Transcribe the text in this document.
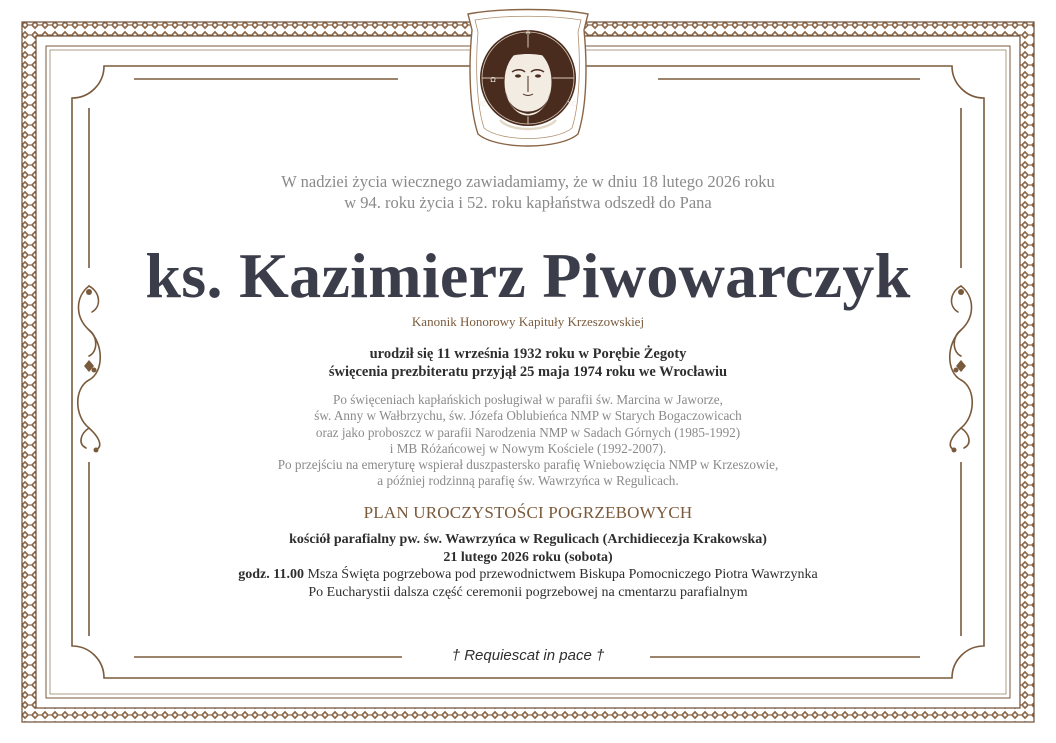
A
Ω
IC	XC
W nadziei życia wiecznego zawiadamiamy, że w dniu 18 lutego 2026 roku
w 94. roku życia i 52. roku kapłaństwa odszedł do Pana
ks. Kazimierz Piwowarczyk
Kanonik Honorowy Kapituły Krzeszowskiej
urodził się 11 września 1932 roku w Porębie Żegoty
święcenia prezbiteratu przyjął 25 maja 1974 roku we Wrocławiu
Po święceniach kapłańskich posługiwał w parafii św. Marcina w Jaworze,
św. Anny w Wałbrzychu, św. Józefa Oblubieńca NMP w Starych Bogaczowicach
oraz jako proboszcz w parafii Narodzenia NMP w Sadach Górnych (1985-1992)
i MB Różańcowej w Nowym Kościele (1992-2007).
Po przejściu na emeryturę wspierał duszpastersko parafię Wniebowzięcia NMP w Krzeszowie,
a później rodzinną parafię św. Wawrzyńca w Regulicach.
PLAN UROCZYSTOŚCI POGRZEBOWYCH
kościół parafialny pw. św. Wawrzyńca w Regulicach (Archidiecezja Krakowska)
21 lutego 2026 roku (sobota)
godz. 11.00 Msza Święta pogrzebowa pod przewodnictwem Biskupa Pomocniczego Piotra Wawrzynka
Po Eucharystii dalsza część ceremonii pogrzebowej na cmentarzu parafialnym
† Requiescat in pace †
